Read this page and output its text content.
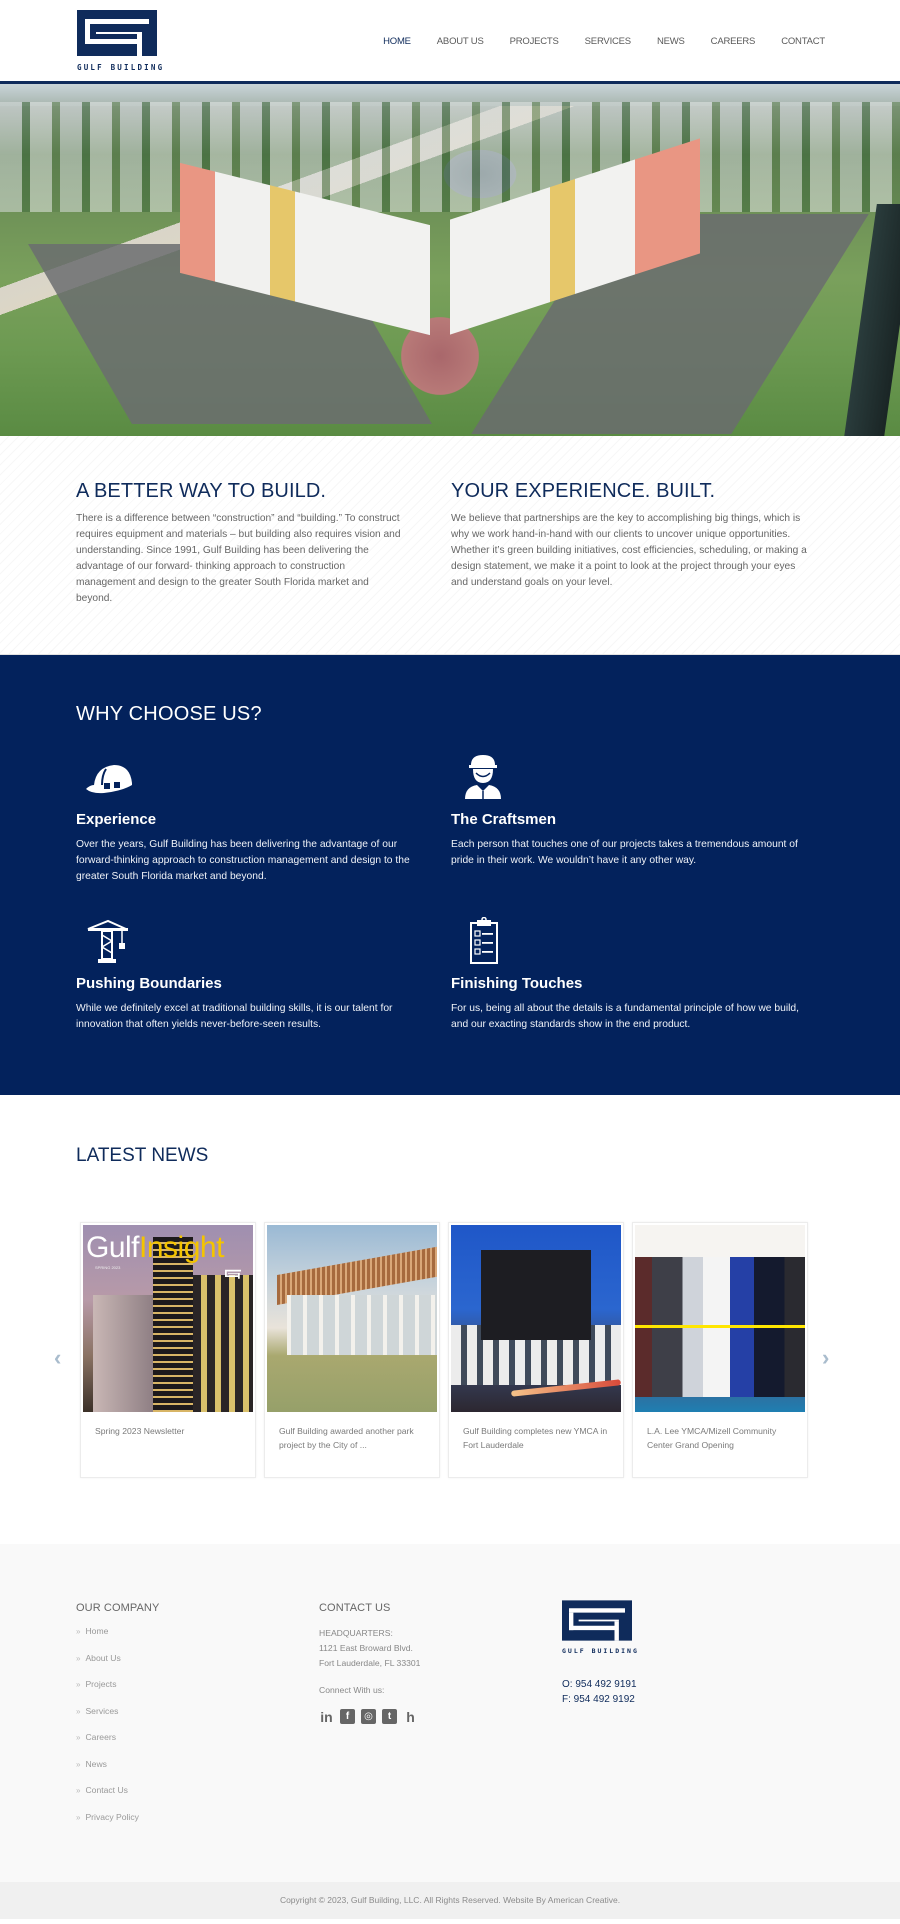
GULF BUILDING
HOME	ABOUT US	PROJECTS	SERVICES	NEWS	CAREERS	CONTACT
A BETTER WAY TO BUILD.

There is a difference between “construction” and “building.” To construct requires equipment and materials – but building also requires vision and understanding. Since 1991, Gulf Building has been delivering the advantage of our forward- thinking approach to construction management and design to the greater South Florida market and beyond.

YOUR EXPERIENCE. BUILT.

We believe that partnerships are the key to accomplishing big things, which is why we work hand-in-hand with our clients to uncover unique opportunities. Whether it’s green building initiatives, cost efficiencies, scheduling, or making a design statement, we make it a point to look at the project through your eyes and understand goals on your level.

WHY CHOOSE US?
Experience

Over the years, Gulf Building has been delivering the advantage of our forward-thinking approach to construction management and design to the greater South Florida market and beyond.

The Craftsmen

Each person that touches one of our projects takes a tremendous amount of pride in their work. We wouldn’t have it any other way.

Pushing Boundaries

While we definitely excel at traditional building skills, it is our talent for innovation that often yields never-before-seen results.

Finishing Touches

For us, being all about the details is a fundamental principle of how we build, and our exacting standards show in the end product.

LATEST NEWS
‹	›
GulfInsight
SPRING 2023
Spring 2023 Newsletter	Gulf Building awarded another park project by the City of ...
Gulf Building completes new YMCA in Fort Lauderdale
L.A. Lee YMCA/Mizell Community Center Grand Opening
OUR COMPANY
» Home
» About Us
» Projects
» Services
» Careers
» News
» Contact Us
» Privacy Policy
CONTACT US
HEADQUARTERS:
1121 East Broward Blvd.
Fort Lauderdale, FL 33301
Connect With us:
in	f	◎	t	h
GULF BUILDING
O: 954 492 9191
F: 954 492 9192
Copyright © 2023, Gulf Building, LLC. All Rights Reserved. Website By American Creative.
